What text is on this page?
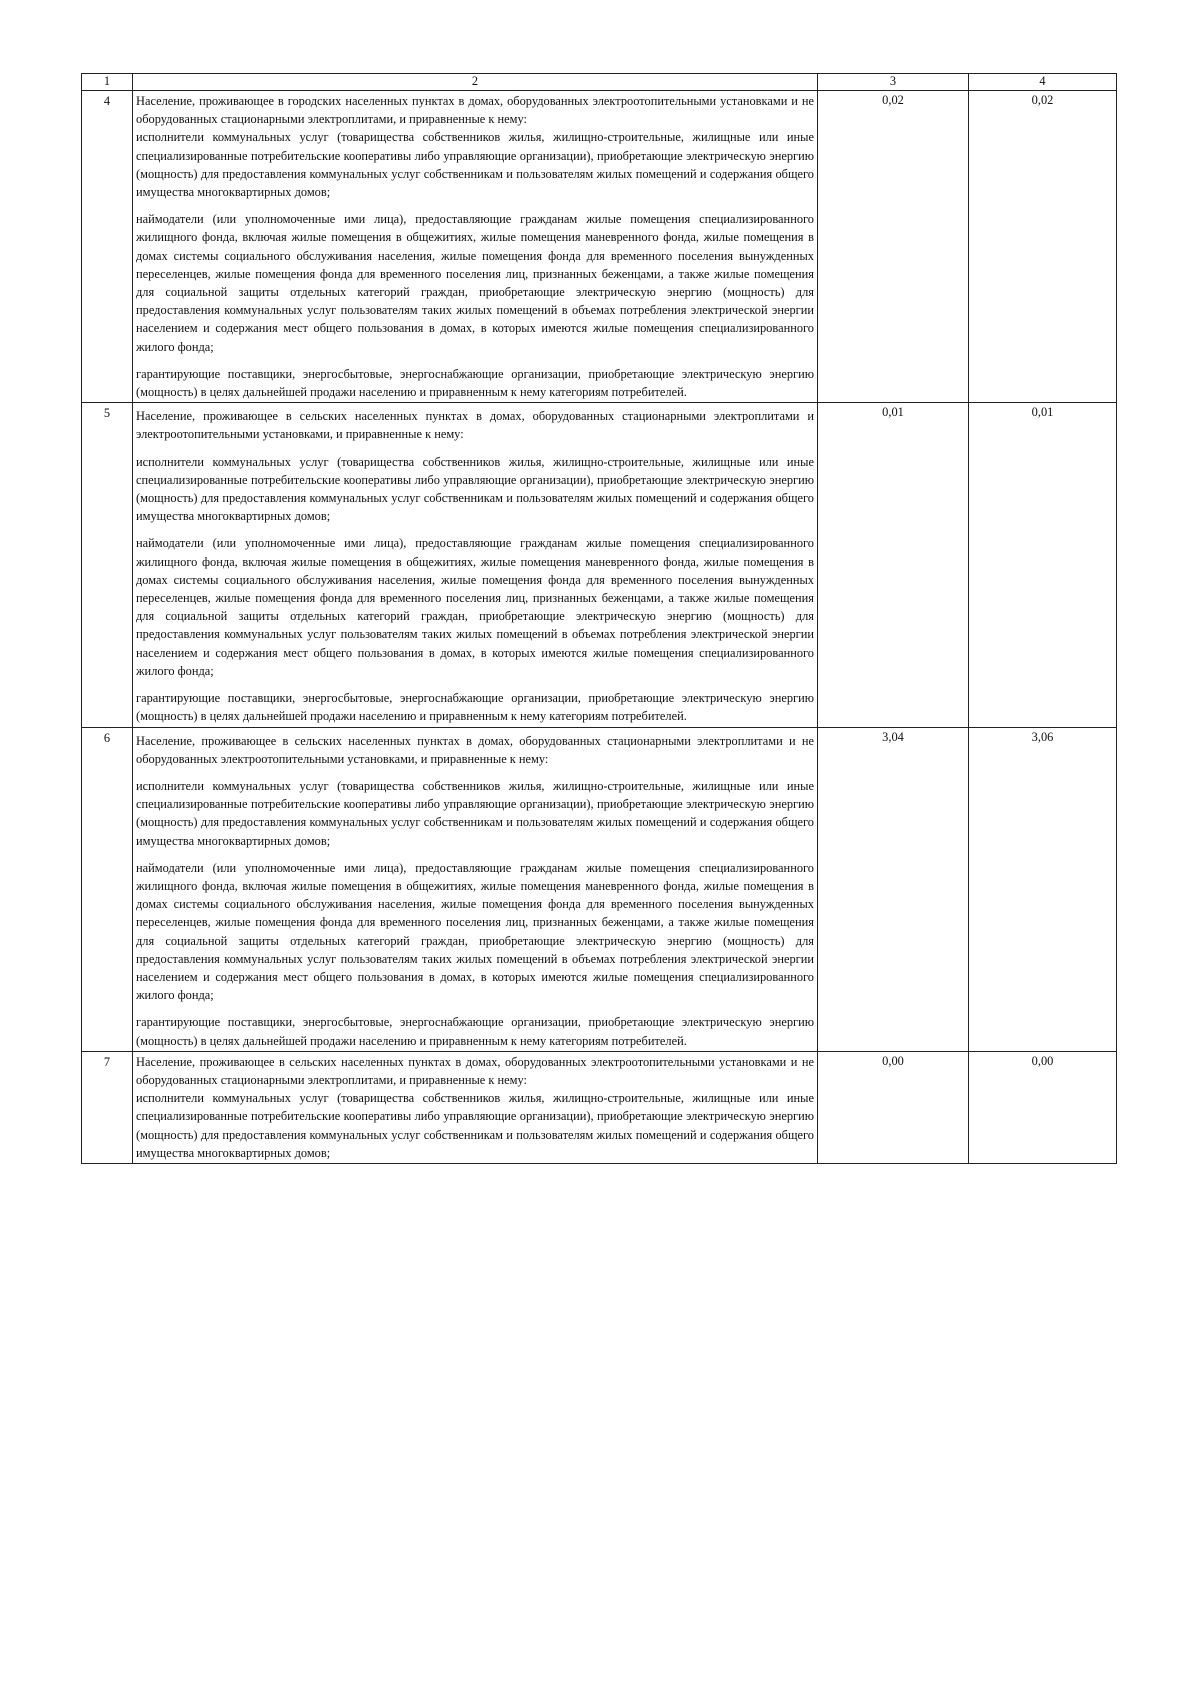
1	2	3	4
4	Население, проживающее в городских населенных пунктах в домах, оборудованных электроотопительными установками и не оборудованных стационарными электроплитами, и приравненные к нему:
исполнители коммунальных услуг (товарищества собственников жилья, жилищно-строительные, жилищные или иные специализированные потребительские кооперативы либо управляющие организации), приобретающие электрическую энергию (мощность) для предоставления коммунальных услуг собственникам и пользователям жилых помещений и содержания общего имущества многоквартирных домов;
наймодатели (или уполномоченные ими лица), предоставляющие гражданам жилые помещения специализированного жилищного фонда, включая жилые помещения в общежитиях, жилые помещения маневренного фонда, жилые помещения в домах системы социального обслуживания населения, жилые помещения фонда для временного поселения вынужденных переселенцев, жилые помещения фонда для временного поселения лиц, признанных беженцами, а также жилые помещения для социальной защиты отдельных категорий граждан, приобретающие электрическую энергию (мощность) для предоставления коммунальных услуг пользователям таких жилых помещений в объемах потребления электрической энергии населением и содержания мест общего пользования в домах, в которых имеются жилые помещения специализированного жилого фонда;
гарантирующие поставщики, энергосбытовые, энергоснабжающие организации, приобретающие электрическую энергию (мощность) в целях дальнейшей продажи населению и приравненным к нему категориям потребителей.	0,02	0,02
5	Население, проживающее в сельских населенных пунктах в домах, оборудованных стационарными электроплитами и электроотопительными установками, и приравненные к нему:
исполнители коммунальных услуг (товарищества собственников жилья, жилищно-строительные, жилищные или иные специализированные потребительские кооперативы либо управляющие организации), приобретающие электрическую энергию (мощность) для предоставления коммунальных услуг собственникам и пользователям жилых помещений и содержания общего имущества многоквартирных домов;
наймодатели (или уполномоченные ими лица), предоставляющие гражданам жилые помещения специализированного жилищного фонда, включая жилые помещения в общежитиях, жилые помещения маневренного фонда, жилые помещения в домах системы социального обслуживания населения, жилые помещения фонда для временного поселения вынужденных переселенцев, жилые помещения фонда для временного поселения лиц, признанных беженцами, а также жилые помещения для социальной защиты отдельных категорий граждан, приобретающие электрическую энергию (мощность) для предоставления коммунальных услуг пользователям таких жилых помещений в объемах потребления электрической энергии населением и содержания мест общего пользования в домах, в которых имеются жилые помещения специализированного жилого фонда;
гарантирующие поставщики, энергосбытовые, энергоснабжающие организации, приобретающие электрическую энергию (мощность) в целях дальнейшей продажи населению и приравненным к нему категориям потребителей.	0,01	0,01
6	Население, проживающее в сельских населенных пунктах в домах, оборудованных стационарными электроплитами и не оборудованных электроотопительными установками, и приравненные к нему:
исполнители коммунальных услуг (товарищества собственников жилья, жилищно-строительные, жилищные или иные специализированные потребительские кооперативы либо управляющие организации), приобретающие электрическую энергию (мощность) для предоставления коммунальных услуг собственникам и пользователям жилых помещений и содержания общего имущества многоквартирных домов;
наймодатели (или уполномоченные ими лица), предоставляющие гражданам жилые помещения специализированного жилищного фонда, включая жилые помещения в общежитиях, жилые помещения маневренного фонда, жилые помещения в домах системы социального обслуживания населения, жилые помещения фонда для временного поселения вынужденных переселенцев, жилые помещения фонда для временного поселения лиц, признанных беженцами, а также жилые помещения для социальной защиты отдельных категорий граждан, приобретающие электрическую энергию (мощность) для предоставления коммунальных услуг пользователям таких жилых помещений в объемах потребления электрической энергии населением и содержания мест общего пользования в домах, в которых имеются жилые помещения специализированного жилого фонда;
гарантирующие поставщики, энергосбытовые, энергоснабжающие организации, приобретающие электрическую энергию (мощность) в целях дальнейшей продажи населению и приравненным к нему категориям потребителей.	3,04	3,06
7	Население, проживающее в сельских населенных пунктах в домах, оборудованных электроотопительными установками и не оборудованных стационарными электроплитами, и приравненные к нему:
исполнители коммунальных услуг (товарищества собственников жилья, жилищно-строительные, жилищные или иные специализированные потребительские кооперативы либо управляющие организации), приобретающие электрическую энергию (мощность) для предоставления коммунальных услуг собственникам и пользователям жилых помещений и содержания общего имущества многоквартирных домов;	0,00	0,00
